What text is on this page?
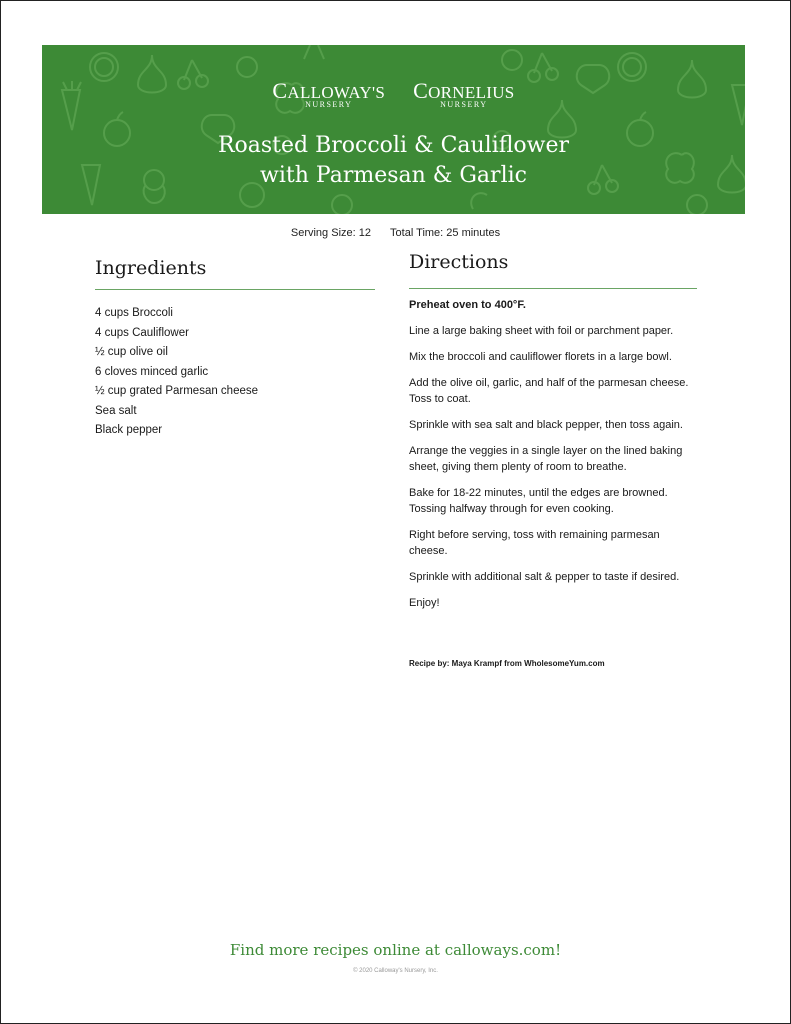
CALLOWAY'S
NURSERY

CORNELIUS
NURSERY
Roasted Broccoli & Cauliflower
with Parmesan & Garlic
Serving Size: 12 Total Time: 25 minutes
Ingredients
4 cups Broccoli
4 cups Cauliflower
½ cup olive oil
6 cloves minced garlic
½ cup grated Parmesan cheese
Sea salt
Black pepper
Directions
Preheat oven to 400°F.
Line a large baking sheet with foil or parchment paper.
Mix the broccoli and cauliflower florets in a large bowl.
Add the olive oil, garlic, and half of the parmesan cheese. Toss to coat.
Sprinkle with sea salt and black pepper, then toss again.
Arrange the veggies in a single layer on the lined baking sheet, giving them plenty of room to breathe.
Bake for 18-22 minutes, until the edges are browned. Tossing halfway through for even cooking.
Right before serving, toss with remaining parmesan cheese.
Sprinkle with additional salt & pepper to taste if desired.
Enjoy!
Recipe by: Maya Krampf from WholesomeYum.com
Find more recipes online at calloways.com!
© 2020 Calloway's Nursery, Inc.
